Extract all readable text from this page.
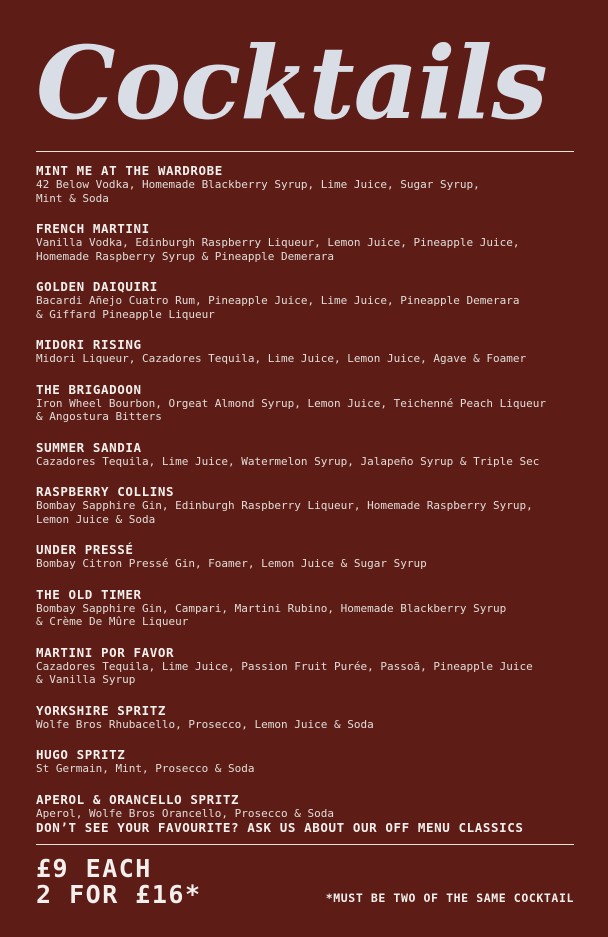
Cocktails
MINT ME AT THE WARDROBE
42 Below Vodka, Homemade Blackberry Syrup, Lime Juice, Sugar Syrup,
Mint & Soda
FRENCH MARTINI
Vanilla Vodka, Edinburgh Raspberry Liqueur, Lemon Juice, Pineapple Juice,
Homemade Raspberry Syrup & Pineapple Demerara
GOLDEN DAIQUIRI
Bacardi Añejo Cuatro Rum, Pineapple Juice, Lime Juice, Pineapple Demerara
& Giffard Pineapple Liqueur
MIDORI RISING
Midori Liqueur, Cazadores Tequila, Lime Juice, Lemon Juice, Agave & Foamer
THE BRIGADOON
Iron Wheel Bourbon, Orgeat Almond Syrup, Lemon Juice, Teichenné Peach Liqueur
& Angostura Bitters
SUMMER SANDIA
Cazadores Tequila, Lime Juice, Watermelon Syrup, Jalapeño Syrup & Triple Sec
RASPBERRY COLLINS
Bombay Sapphire Gin, Edinburgh Raspberry Liqueur, Homemade Raspberry Syrup,
Lemon Juice & Soda
UNDER PRESSÉ
Bombay Citron Pressé Gin, Foamer, Lemon Juice & Sugar Syrup
THE OLD TIMER
Bombay Sapphire Gin, Campari, Martini Rubino, Homemade Blackberry Syrup
& Crème De Mûre Liqueur
MARTINI POR FAVOR
Cazadores Tequila, Lime Juice, Passion Fruit Purée, Passoã, Pineapple Juice
& Vanilla Syrup
YORKSHIRE SPRITZ
Wolfe Bros Rhubacello, Prosecco, Lemon Juice & Soda
HUGO SPRITZ
St Germain, Mint, Prosecco & Soda
APEROL & ORANCELLO SPRITZ
Aperol, Wolfe Bros Orancello, Prosecco & Soda
DON’T SEE YOUR FAVOURITE? ASK US ABOUT OUR OFF MENU CLASSICS
£9 EACH
2 FOR £16*	*MUST BE TWO OF THE SAME COCKTAIL
